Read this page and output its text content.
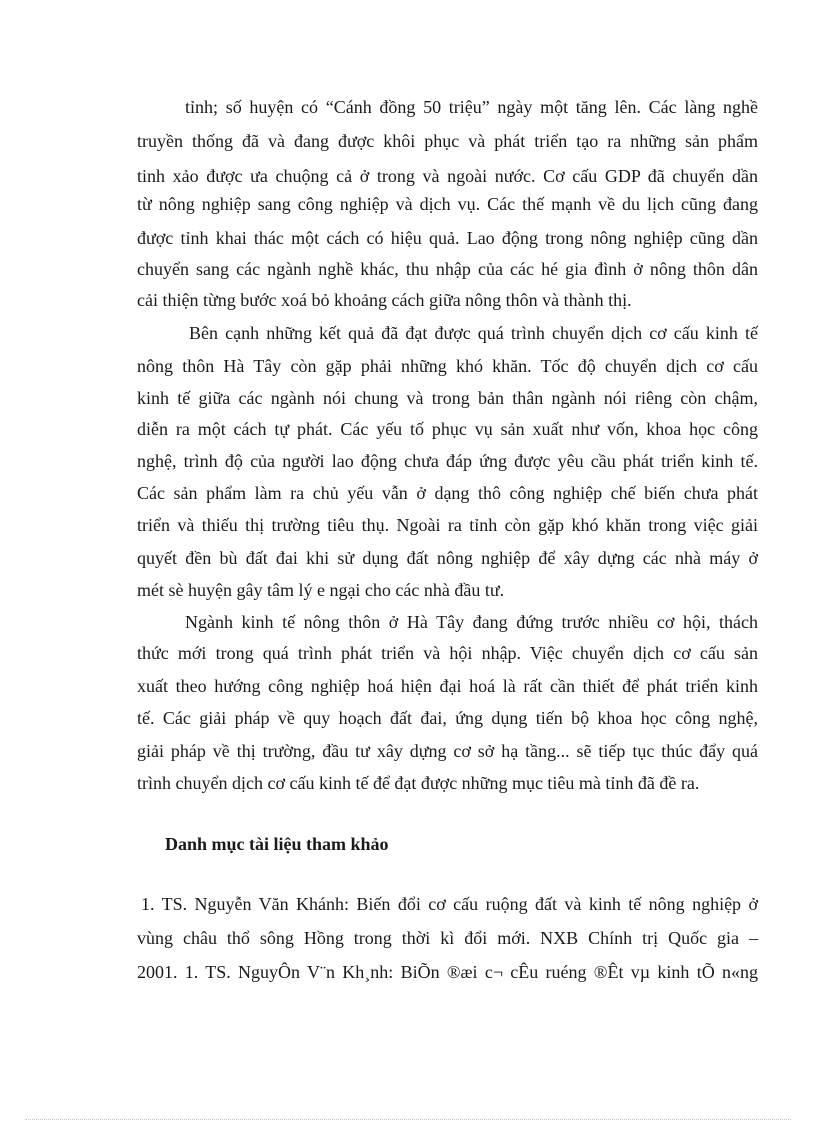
tỉnh; số huyện có “Cánh đồng 50 triệu” ngày một tăng lên. Các làng nghề
truyền thống đã và đang được khôi phục và phát triển tạo ra những sản phẩm
tinh xảo được ưa chuộng cả ở trong và ngoài nước. Cơ cấu GDP đã chuyển dần
từ nông nghiệp sang công nghiệp và dịch vụ. Các thế mạnh về du lịch cũng đang
được tỉnh khai thác một cách có hiệu quả. Lao động trong nông nghiệp cũng dần
chuyển sang các ngành nghề khác, thu nhập của các hé gia đình ở nông thôn dân
cải thiện từng bước xoá bỏ khoảng cách giữa nông thôn và thành thị.
Bên cạnh những kết quả đã đạt được quá trình chuyển dịch cơ cấu kinh tế
nông thôn Hà Tây còn gặp phải những khó khăn. Tốc độ chuyển dịch cơ cấu
kinh tế giữa các ngành nói chung và trong bản thân ngành nói riêng còn chậm,
diễn ra một cách tự phát. Các yếu tố phục vụ sản xuất như vốn, khoa học công
nghệ, trình độ của người lao động chưa đáp ứng được yêu cầu phát triển kinh tế.
Các sản phẩm làm ra chủ yếu vẫn ở dạng thô công nghiệp chế biến chưa phát
triển và thiếu thị trường tiêu thụ. Ngoài ra tỉnh còn gặp khó khăn trong việc giải
quyết đền bù đất đai khi sử dụng đất nông nghiệp để xây dựng các nhà máy ở
mét sè huyện gây tâm lý e ngại cho các nhà đầu tư.
Ngành kinh tế nông thôn ở Hà Tây đang đứng trước nhiều cơ hội, thách
thức mới trong quá trình phát triển và hội nhập. Việc chuyển dịch cơ cấu sản
xuất theo hướng công nghiệp hoá hiện đại hoá là rất cần thiết để phát triển kinh
tế. Các giải pháp về quy hoạch đất đai, ứng dụng tiến bộ khoa học công nghệ,
giải pháp về thị trường, đầu tư xây dựng cơ sở hạ tầng... sẽ tiếp tục thúc đẩy quá
trình chuyển dịch cơ cấu kinh tế để đạt được những mục tiêu mà tỉnh đã đề ra.
Danh mục tài liệu tham khảo
1. TS. Nguyễn Văn Khánh: Biến đổi cơ cấu ruộng đất và kinh tế nông nghiệp ở
vùng châu thổ sông Hồng trong thời kì đổi mới. NXB Chính trị Quốc gia –
2001. 1. TS. NguyÔn V¨n Kh¸nh: BiÕn ®æi c¬ cÊu ruéng ®Êt vµ kinh tÕ n«ng
